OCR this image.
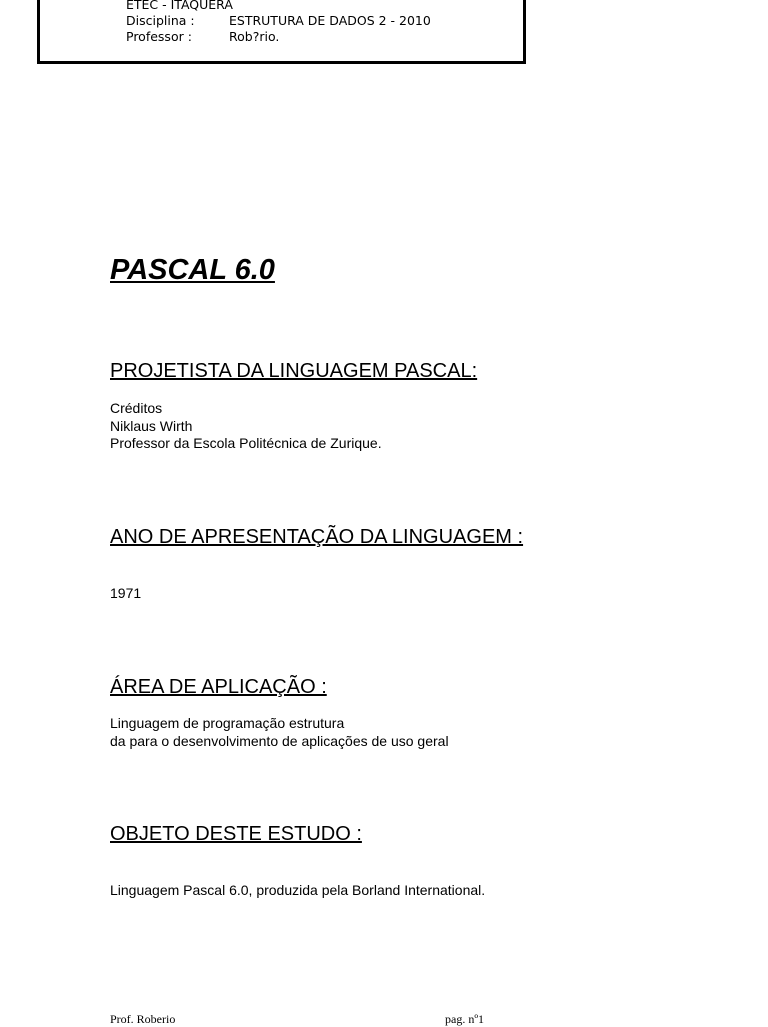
ETEC - ITAQUERA
Disciplina :	ESTRUTURA DE DADOS 2 - 2010
Professor :	Rob?rio.
PASCAL 6.0
PROJETISTA DA LINGUAGEM PASCAL:

Créditos

Niklaus Wirth

Professor da Escola Politécnica de Zurique.

ANO DE APRESENTAÇÃO DA LINGUAGEM :

1971

ÁREA DE APLICAÇÃO :

Linguagem de programação estrutura

da para o desenvolvimento de aplicações de uso geral

OBJETO DESTE ESTUDO :

Linguagem Pascal 6.0, produzida pela Borland International.

Prof. Roberio	pag. nº1
